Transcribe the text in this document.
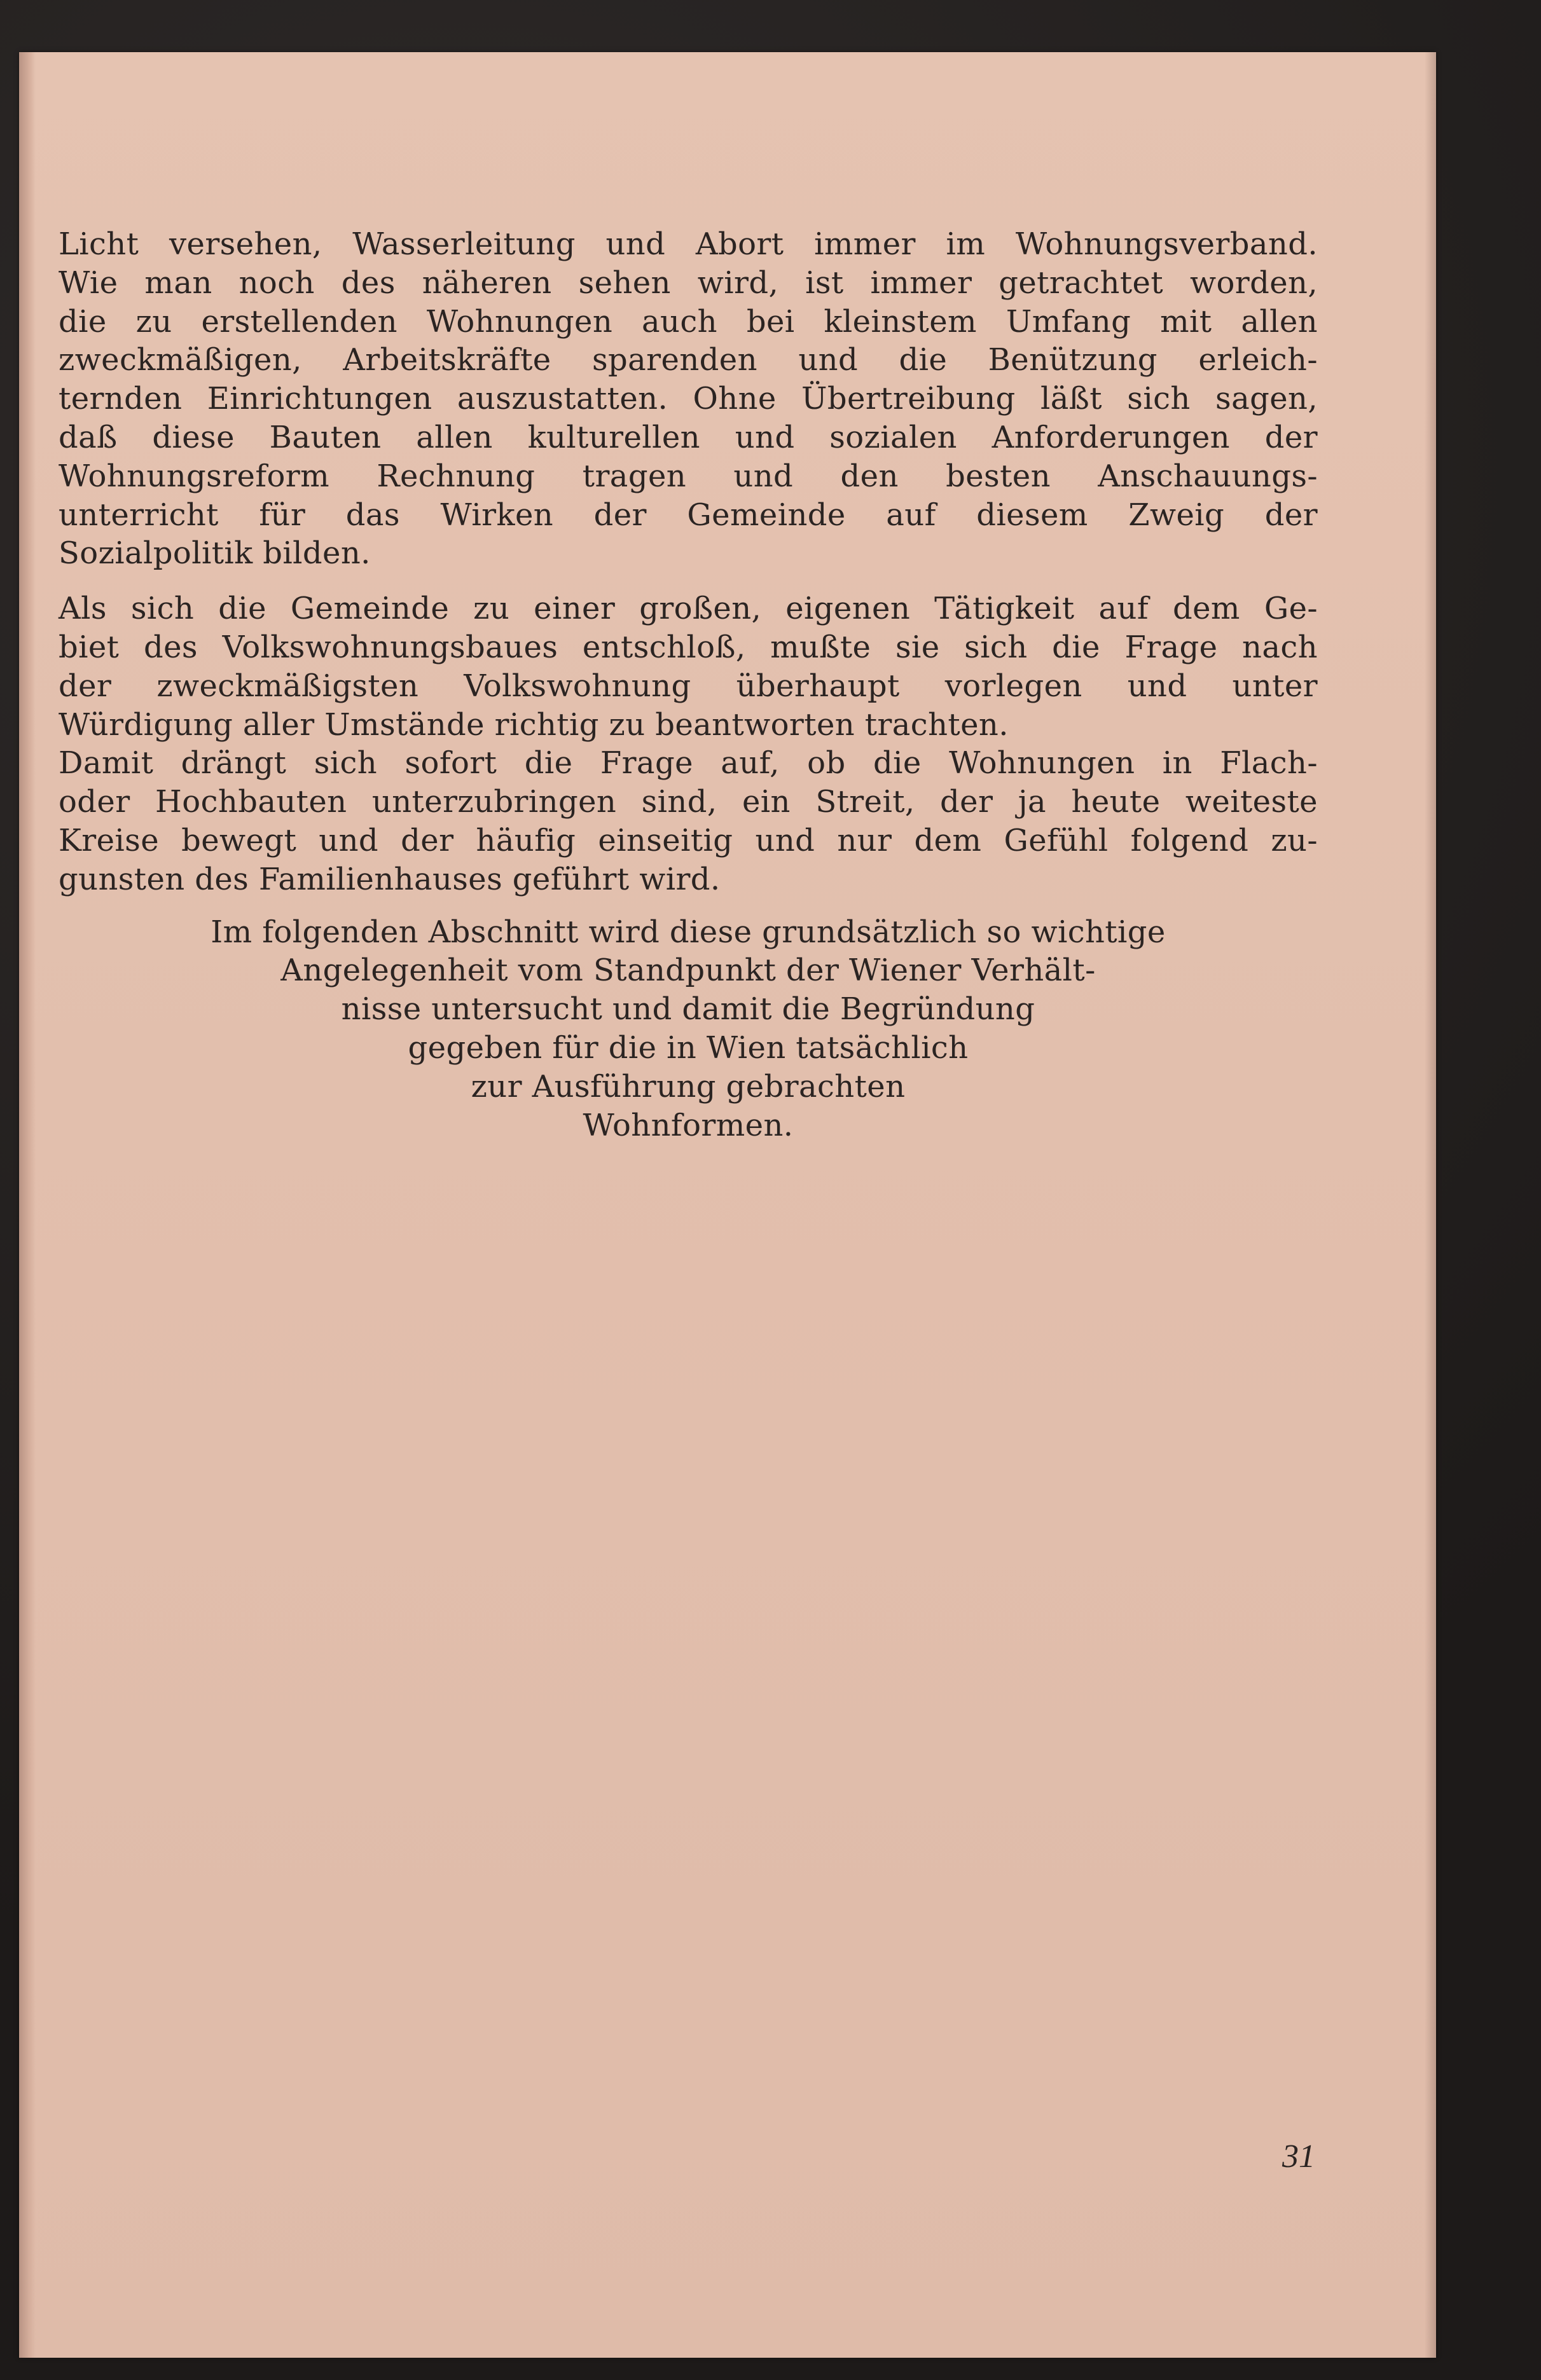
Licht versehen, Wasserleitung und Abort immer im Wohnungsverband.
Wie man noch des näheren sehen wird, ist immer getrachtet worden,
die zu erstellenden Wohnungen auch bei kleinstem Umfang mit allen
zweckmäßigen, Arbeitskräfte sparenden und die Benützung erleich-
ternden Einrichtungen auszustatten. Ohne Übertreibung läßt sich sagen,
daß diese Bauten allen kulturellen und sozialen Anforderungen der
Wohnungsreform Rechnung tragen und den besten Anschauungs-
unterricht für das Wirken der Gemeinde auf diesem Zweig der
Sozialpolitik bilden.

Als sich die Gemeinde zu einer großen, eigenen Tätigkeit auf dem Ge-
biet des Volkswohnungsbaues entschloß, mußte sie sich die Frage nach
der zweckmäßigsten Volkswohnung überhaupt vorlegen und unter
Würdigung aller Umstände richtig zu beantworten trachten.

Damit drängt sich sofort die Frage auf, ob die Wohnungen in Flach-
oder Hochbauten unterzubringen sind, ein Streit, der ja heute weiteste
Kreise bewegt und der häufig einseitig und nur dem Gefühl folgend zu-
gunsten des Familienhauses geführt wird.

Im folgenden Abschnitt wird diese grundsätzlich so wichtige
Angelegenheit vom Standpunkt der Wiener Verhält-
nisse untersucht und damit die Begründung
gegeben für die in Wien tatsächlich
zur Ausführung gebrachten
Wohnformen.
31
